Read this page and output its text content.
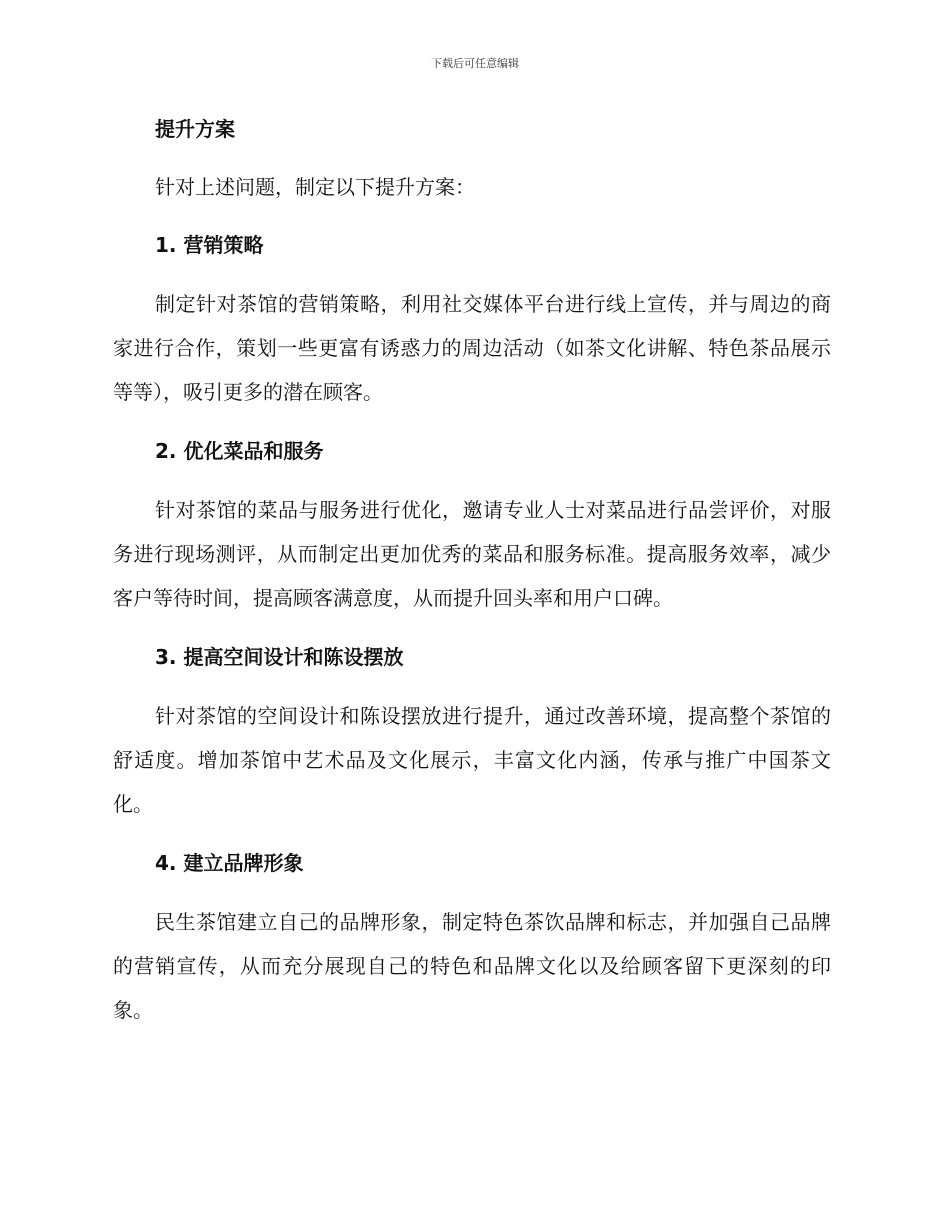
下载后可任意编辑
提升方案
针对上述问题，制定以下提升方案：
1. 营销策略
制定针对茶馆的营销策略，利用社交媒体平台进行线上宣传，并与周边的商家进行合作，策划一些更富有诱惑力的周边活动（如茶文化讲解、特色茶品展示等等），吸引更多的潜在顾客。
2. 优化菜品和服务
针对茶馆的菜品与服务进行优化，邀请专业人士对菜品进行品尝评价，对服务进行现场测评，从而制定出更加优秀的菜品和服务标准。提高服务效率，减少客户等待时间，提高顾客满意度，从而提升回头率和用户口碑。
3. 提高空间设计和陈设摆放
针对茶馆的空间设计和陈设摆放进行提升，通过改善环境，提高整个茶馆的舒适度。增加茶馆中艺术品及文化展示，丰富文化内涵，传承与推广中国茶文化。
4. 建立品牌形象
民生茶馆建立自己的品牌形象，制定特色茶饮品牌和标志，并加强自己品牌的营销宣传，从而充分展现自己的特色和品牌文化以及给顾客留下更深刻的印象。
